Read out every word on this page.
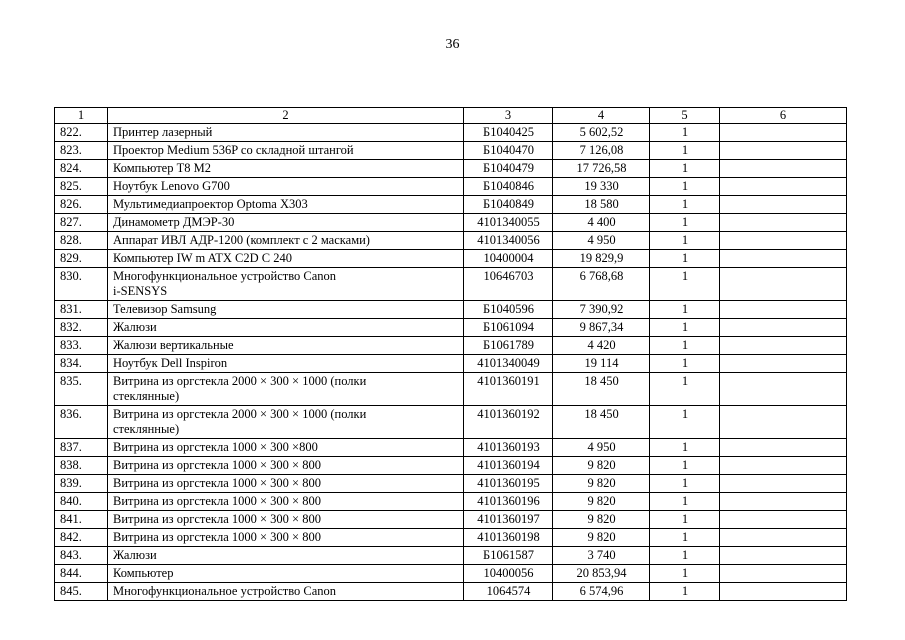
36
1	2	3	4	5	6
822.	Принтер лазерный	Б1040425	5 602,52	1	
823.	Проектор Medium 536P со складной штангой	Б1040470	7 126,08	1	
824.	Компьютер T8 M2	Б1040479	17 726,58	1	
825.	Ноутбук Lenovo G700	Б1040846	19 330	1	
826.	Мультимедиапроектор Optoma X303	Б1040849	18 580	1	
827.	Динамометр ДМЭР-30	4101340055	4 400	1	
828.	Аппарат ИВЛ АДР-1200 (комплект с 2 масками)	4101340056	4 950	1	
829.	Компьютер IW m ATX C2D C 240	10400004	19 829,9	1	
830.	Многофункциональное устройство Canon
i-SENSYS	10646703	6 768,68	1	
831.	Телевизор Samsung	Б1040596	7 390,92	1	
832.	Жалюзи	Б1061094	9 867,34	1	
833.	Жалюзи вертикальные	Б1061789	4 420	1	
834.	Ноутбук Dell Inspiron	4101340049	19 114	1	
835.	Витрина из оргстекла 2000 × 300 × 1000 (полки
стеклянные)	4101360191	18 450	1	
836.	Витрина из оргстекла 2000 × 300 × 1000 (полки
стеклянные)	4101360192	18 450	1	
837.	Витрина из оргстекла 1000 × 300 ×800	4101360193	4 950	1	
838.	Витрина из оргстекла 1000 × 300 × 800	4101360194	9 820	1	
839.	Витрина из оргстекла 1000 × 300 × 800	4101360195	9 820	1	
840.	Витрина из оргстекла 1000 × 300 × 800	4101360196	9 820	1	
841.	Витрина из оргстекла 1000 × 300 × 800	4101360197	9 820	1	
842.	Витрина из оргстекла 1000 × 300 × 800	4101360198	9 820	1	
843.	Жалюзи	Б1061587	3 740	1	
844.	Компьютер	10400056	20 853,94	1	
845.	Многофункциональное устройство Canon	1064574	6 574,96	1	
